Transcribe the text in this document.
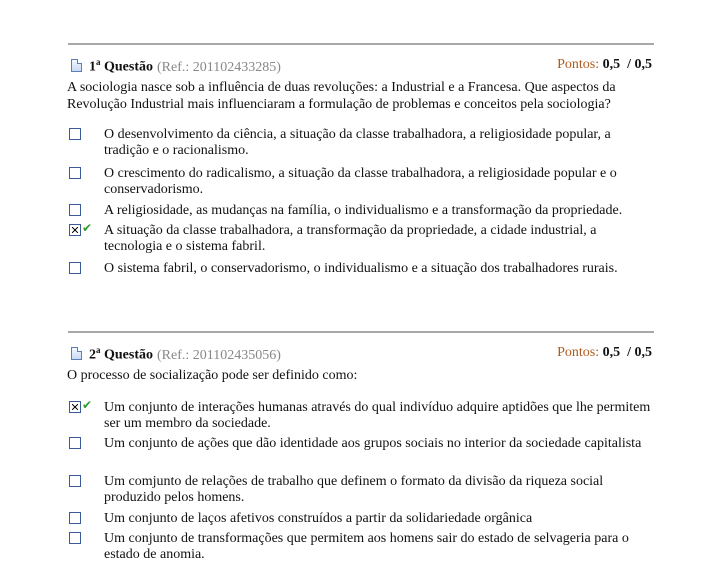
1$^a$ Questão (Ref.: 201102433285)	Pontos: 0,5 / 0,5
A sociologia nasce sob a influência de duas revoluções: a Industrial e a Francesa. Que aspectos da Revolução Industrial mais influenciaram a formulação de problemas e conceitos pela sociologia?
O desenvolvimento da ciência, a situação da classe trabalhadora, a religiosidade popular, a tradição e o racionalismo.
O crescimento do radicalismo, a situação da classe trabalhadora, a religiosidade popular e o conservadorismo.
A religiosidade, as mudanças na família, o individualismo e a transformação da propriedade.
✔ A situação da classe trabalhadora, a transformação da propriedade, a cidade industrial, a tecnologia e o sistema fabril.
O sistema fabril, o conservadorismo, o individualismo e a situação dos trabalhadores rurais.
2$^a$ Questão (Ref.: 201102435056)	Pontos: 0,5 / 0,5
O processo de socialização pode ser definido como:
✔ Um conjunto de interações humanas através do qual indivíduo adquire aptidões que lhe permitem ser um membro da sociedade.
Um conjunto de ações que dão identidade aos grupos sociais no interior da sociedade capitalista
Um comjunto de relações de trabalho que definem o formato da divisão da riqueza social produzido pelos homens.
Um conjunto de laços afetivos construídos a partir da solidariedade orgânica
Um conjunto de transformações que permitem aos homens sair do estado de selvageria para o estado de anomia.
